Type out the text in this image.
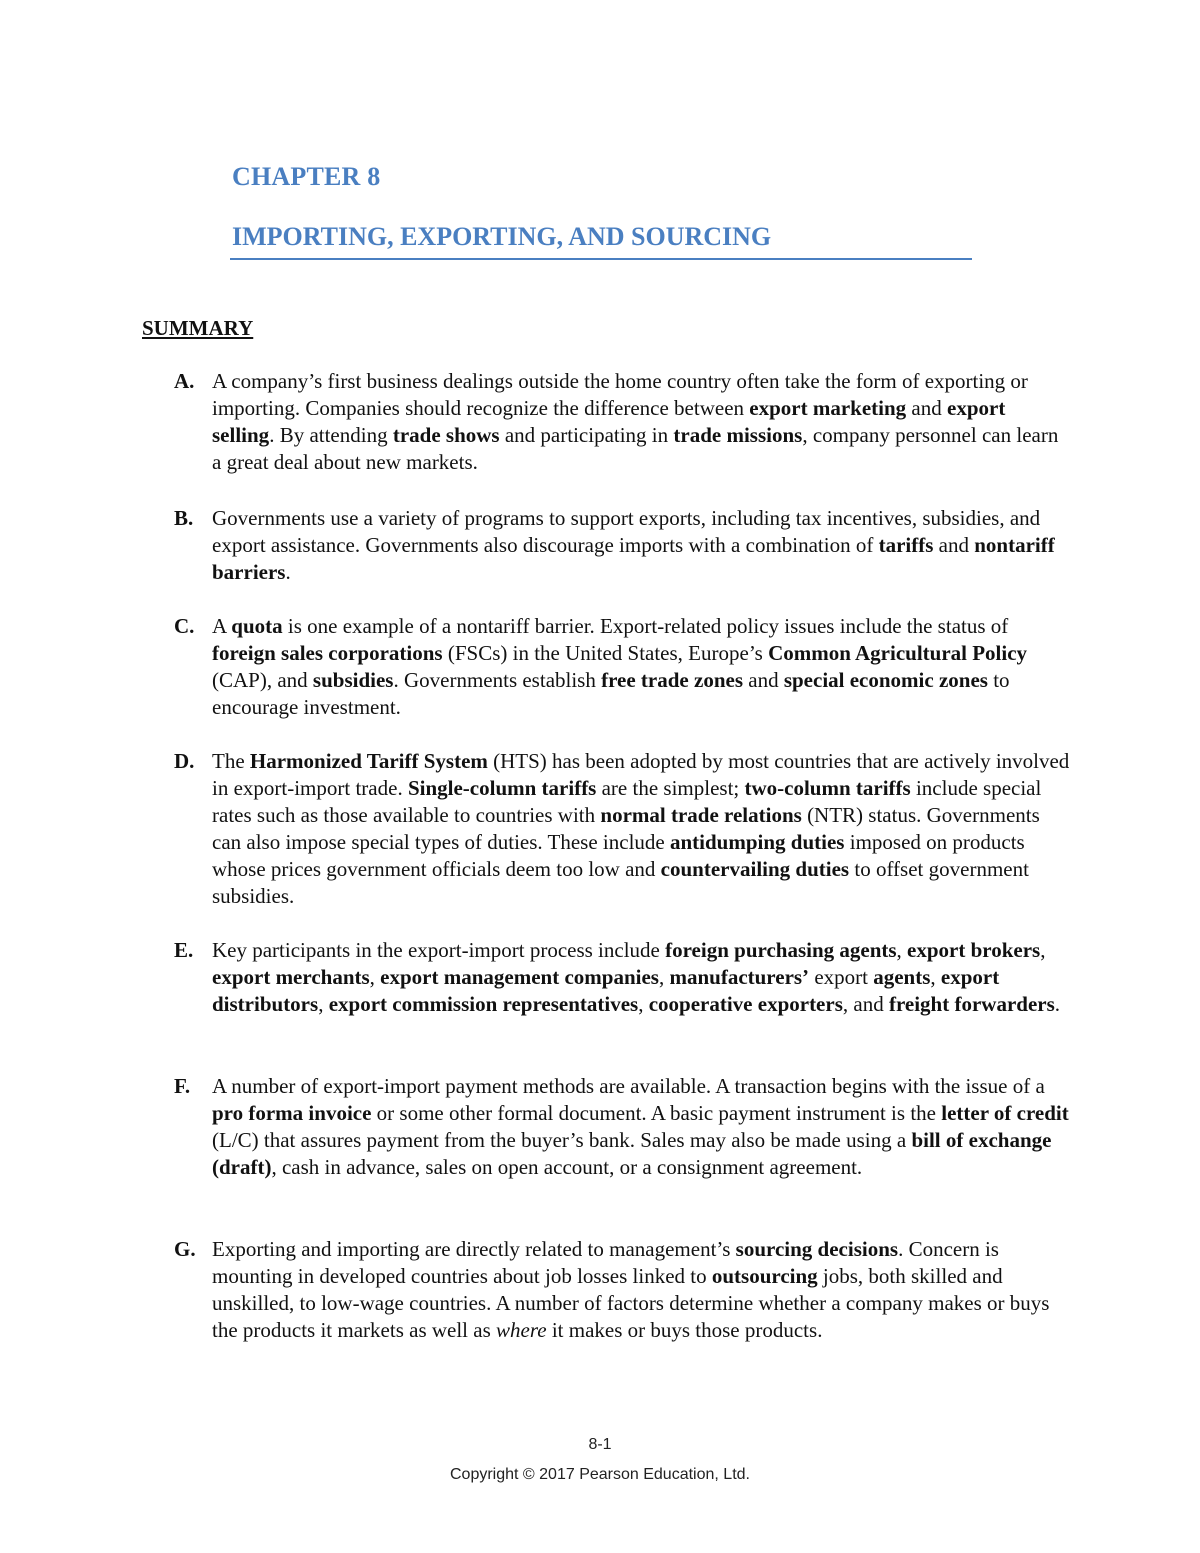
CHAPTER 8
IMPORTING, EXPORTING, AND SOURCING
SUMMARY
A. A company’s first business dealings outside the home country often take the form of exporting or importing. Companies should recognize the difference between export marketing and export selling. By attending trade shows and participating in trade missions, company personnel can learn a great deal about new markets.
B. Governments use a variety of programs to support exports, including tax incentives, subsidies, and export assistance. Governments also discourage imports with a combination of tariffs and nontariff barriers.
C. A quota is one example of a nontariff barrier. Export-related policy issues include the status of foreign sales corporations (FSCs) in the United States, Europe’s Common Agricultural Policy (CAP), and subsidies. Governments establish free trade zones and special economic zones to encourage investment.
D. The Harmonized Tariff System (HTS) has been adopted by most countries that are actively involved in export-import trade. Single-column tariffs are the simplest; two-column tariffs include special rates such as those available to countries with normal trade relations (NTR) status. Governments can also impose special types of duties. These include antidumping duties imposed on products whose prices government officials deem too low and countervailing duties to offset government subsidies.
E. Key participants in the export-import process include foreign purchasing agents, export brokers, export merchants, export management companies, manufacturers’ export agents, export distributors, export commission representatives, cooperative exporters, and freight forwarders.
F.	A number of export-import payment methods are available. A transaction begins with the issue of a pro forma invoice or some other formal document. A basic payment instrument is the letter of credit (L/C) that assures payment from the buyer’s bank. Sales may also be made using a bill of exchange (draft), cash in advance, sales on open account, or a consignment agreement.
G. Exporting and importing are directly related to management’s sourcing decisions. Concern is mounting in developed countries about job losses linked to outsourcing jobs, both skilled and unskilled, to low-wage countries. A number of factors determine whether a company makes or buys the products it markets as well as where it makes or buys those products.
8-1
Copyright © 2017 Pearson Education, Ltd.
